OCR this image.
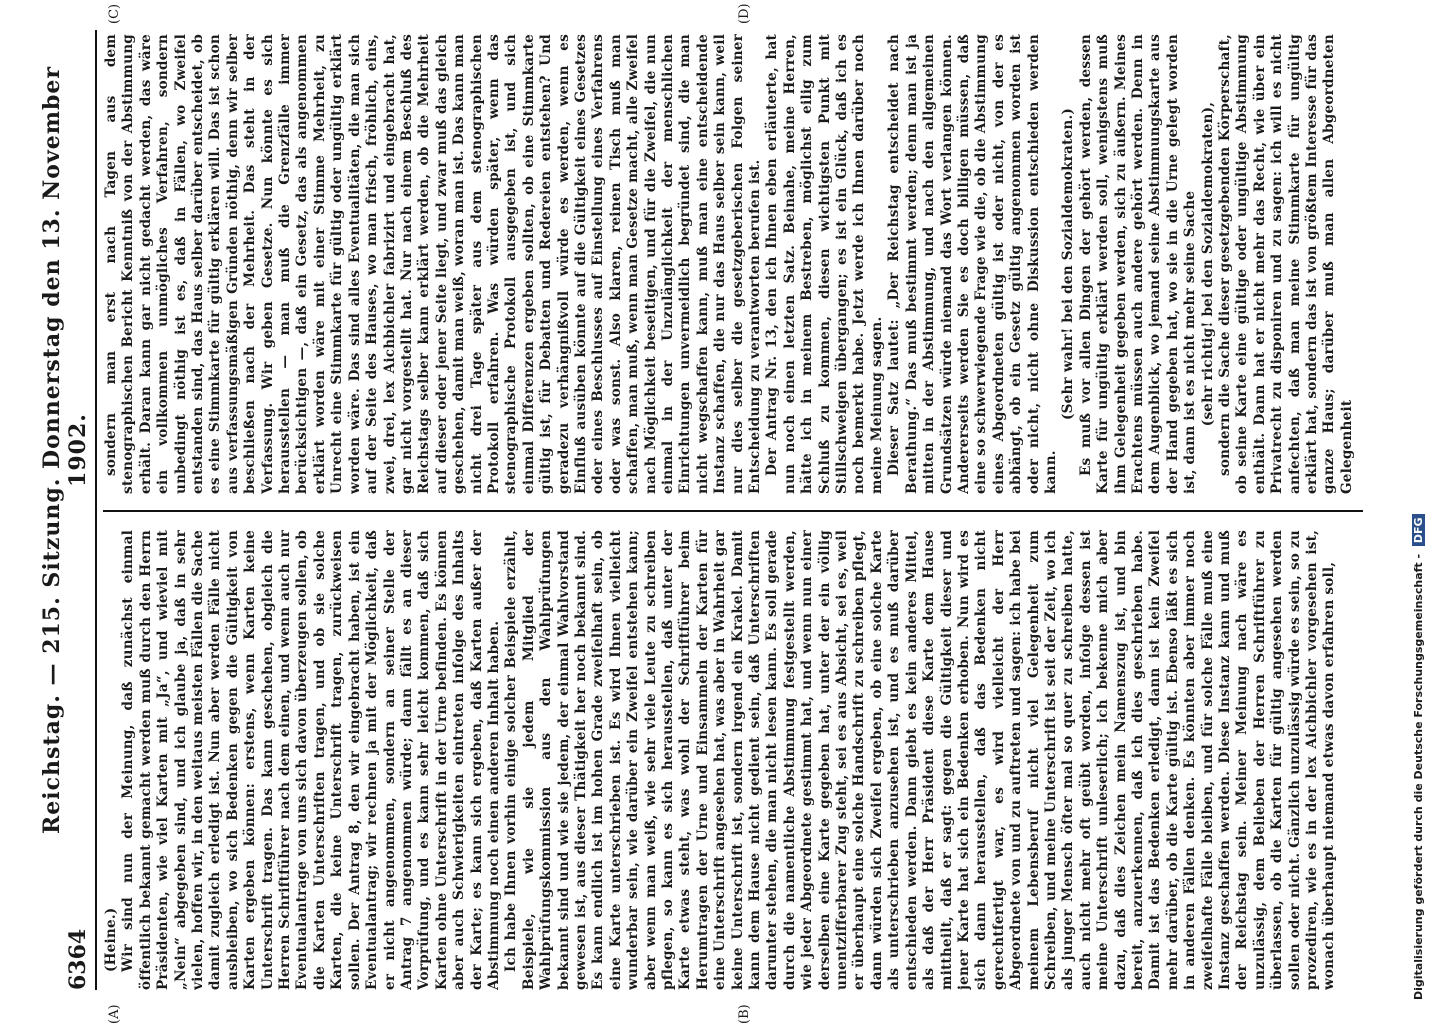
6364
Reichstag. — 215. Sitzung. Donnerstag den 13. November 1902.

(Heine.) Wir sind nun der Meinung, daß zunächst einmal öffentlich bekannt gemacht werden muß durch den Herrn Präsidenten, wie viel Karten mit „Ja“, und wieviel mit „Nein“ abgegeben sind, und ich glaube ja, daß in sehr vielen, hoffen wir, in den weitaus meisten Fällen die Sache damit zugleich erledigt ist. Nun aber werden Fälle nicht ausbleiben, wo sich Bedenken gegen die Gültigkeit von Karten ergeben können: erstens, wenn Karten keine Unterschrift tragen. Das kann geschehen, obgleich die Herren Schriftführer nach dem einen, und wenn auch nur Eventualantrage von uns sich davon überzeugen sollen, ob die Karten Unterschriften tragen, und ob sie solche Karten, die keine Unterschrift tragen, zurückweisen sollen. Der Antrag 8, den wir eingebracht haben, ist ein Eventualantrag; wir rechnen ja mit der Möglichkeit, daß er nicht angenommen, sondern an seiner Stelle der Antrag 7 angenommen würde; dann fällt es an dieser Vorprüfung, und es kann sehr leicht kommen, daß sich Karten ohne Unterschrift in der Urne befinden. Es können aber auch Schwierigkeiten eintreten infolge des Inhalts der Karte; es kann sich ergeben, daß Karten außer der Abstimmung noch einen anderen Inhalt haben. Ich habe Ihnen vorhin einige solcher Beispiele erzählt, Beispiele, wie sie jedem Mitglied der Wahlprüfungskommission aus den Wahlprüfungen bekannt sind und wie sie jedem, der einmal Wahlvorstand gewesen ist, aus dieser Thätigkeit her noch bekannt sind. Es kann endlich ist im hohen Grade zweifelhaft sein, ob eine Karte unterschrieben ist. Es wird Ihnen vielleicht wunderbar sein, wie darüber ein Zweifel entstehen kann; aber wenn man weiß, wie sehr viele Leute zu schreiben pflegen, so kann es sich herausstellen, daß unter der Karte etwas steht, was wohl der Schriftführer beim Herumtragen der Urne und Einsammeln der Karten für eine Unterschrift angesehen hat, was aber in Wahrheit gar keine Unterschrift ist, sondern irgend ein Krakel. Damit kann dem Hause nicht gedient sein, daß Unterschriften darunter stehen, die man nicht lesen kann. Es soll gerade durch die namentliche Abstimmung festgestellt werden, wie jeder Abgeordnete gestimmt hat, und wenn nun einer derselben eine Karte gegeben hat, unter der ein völlig unentzifferbarer Zug steht, sei es aus Absicht, sei es, weil er überhaupt eine solche Handschrift zu schreiben pflegt, dann würden sich Zweifel ergeben, ob eine solche Karte als unterschrieben anzusehen ist, und es muß darüber entschieden werden. Dann giebt es kein anderes Mittel, als daß der Herr Präsident diese Karte dem Hause mittheilt, daß er sagt: gegen die Gültigkeit dieser und jener Karte hat sich ein Bedenken erhoben. Nun wird es sich dann herausstellen, daß das Bedenken nicht gerechtfertigt war, es wird vielleicht der Herr Abgeordnete von und zu auftreten und sagen: ich habe bei meinem Lebensberuf nicht viel Gelegenheit zum Schreiben, und meine Unterschrift ist seit der Zeit, wo ich als junger Mensch öfter mal so quer zu schreiben hatte, auch nicht mehr oft geübt worden, infolge dessen ist meine Unterschrift unleserlich; ich bekenne mich aber dazu, daß dies Zeichen mein Namenszug ist, und bin bereit, anzuerkennen, daß ich dies geschrieben habe. Damit ist das Bedenken erledigt, dann ist kein Zweifel mehr darüber, ob die Karte gültig ist. Ebenso läßt es sich in anderen Fällen denken. Es könnten aber immer noch zweifelhafte Fälle bleiben, und für solche Fälle muß eine Instanz geschaffen werden. Diese Instanz kann und muß der Reichstag sein. Meiner Meinung nach wäre es unzulässig, dem Belieben der Herren Schriftführer zu überlassen, ob die Karten für gültig angesehen werden sollen oder nicht. Gänzlich unzulässig würde es sein, so zu prozediren, wie es in der lex Aichbichler vorgesehen ist, wonach überhaupt niemand etwas davon erfahren soll,

sondern man erst nach Tagen aus dem stenographischen Bericht Kenntniß von der Abstimmung erhält. Daran kann gar nicht gedacht werden, das wäre ein vollkommen unmögliches Verfahren, sondern unbedingt nöthig ist es, daß in Fällen, wo Zweifel entstanden sind, das Haus selber darüber entscheidet, ob es eine Stimmkarte für gültig erklären will. Das ist schon aus verfassungsmäßigen Gründen nöthig, denn wir selber beschließen nach der Mehrheit. Das steht in der Verfassung. Wir geben Gesetze. Nun könnte es sich herausstellen — man muß die Grenzfälle immer berücksichtigen —, daß ein Gesetz, das als angenommen erklärt worden wäre mit einer Stimme Mehrheit, zu Unrecht eine Stimmkarte für gültig oder ungültig erklärt worden wäre. Das sind alles Eventualitäten, die man sich auf der Seite des Hauses, wo man frisch, fröhlich, eins, zwei, drei, lex Aichbichler fabrizirt und eingebracht hat, gar nicht vorgestellt hat. Nur nach einem Beschluß des Reichstags selber kann erklärt werden, ob die Mehrheit auf dieser oder jener Seite liegt, und zwar muß das gleich geschehen, damit man weiß, woran man ist. Das kann man nicht drei Tage später aus dem stenographischen Protokoll erfahren. Was würden später, wenn das stenographische Protokoll ausgegeben ist, und sich einmal Differenzen ergeben sollten, ob eine Stimmkarte gültig ist, für Debatten und Redereien entstehen? Und geradezu verhängnißvoll würde es werden, wenn es Einfluß ausüben könnte auf die Gültigkeit eines Gesetzes oder eines Beschlusses auf Einstellung eines Verfahrens oder was sonst. Also klaren, reinen Tisch muß man schaffen, man muß, wenn man Gesetze macht, alle Zweifel nach Möglichkeit beseitigen, und für die Zweifel, die nun einmal in der Unzulänglichkeit der menschlichen Einrichtungen unvermeidlich begründet sind, die man nicht wegschaffen kann, muß man eine entscheidende Instanz schaffen, die nur das Haus selber sein kann, weil nur dies selber die gesetzgeberischen Folgen seiner Entscheidung zu verantworten berufen ist. Der Antrag Nr. 13, den ich Ihnen eben erläuterte, hat nun noch einen letzten Satz. Beinahe, meine Herren, hätte ich in meinem Bestreben, möglichst eilig zum Schluß zu kommen, diesen wichtigsten Punkt mit Stillschweigen übergangen; es ist ein Glück, daß ich es noch bemerkt habe. Jetzt werde ich Ihnen darüber noch meine Meinung sagen. Dieser Satz lautet: „Der Reichstag entscheidet nach Berathung.“ Das muß bestimmt werden; denn man ist ja mitten in der Abstimmung, und nach den allgemeinen Grundsätzen würde niemand das Wort verlangen können. Andererseits werden Sie es doch billigen müssen, daß eine so schwerwiegende Frage wie die, ob die Abstimmung eines Abgeordneten gültig ist oder nicht, von der es abhängt, ob ein Gesetz gültig angenommen worden ist oder nicht, nicht ohne Diskussion entschieden werden kann.

(Sehr wahr! bei den Sozialdemokraten.) Es muß vor allen Dingen der gehört werden, dessen Karte für ungültig erklärt werden soll, wenigstens muß ihm Gelegenheit gegeben werden, sich zu äußern. Meines Erachtens müssen auch andere gehört werden. Denn in dem Augenblick, wo jemand seine Abstimmungskarte aus der Hand gegeben hat, wo sie in die Urne gelegt worden ist, dann ist es nicht mehr seine Sache (sehr richtig! bei den Sozialdemokraten), sondern die Sache dieser gesetzgebenden Körperschaft, ob seine Karte eine gültige oder ungültige Abstimmung enthält. Dann hat er nicht mehr das Recht, wie über ein Privatrecht zu disponiren und zu sagen: ich will es nicht anfechten, daß man meine Stimmkarte für ungültig erklärt hat, sondern das ist von größtem Interesse für das ganze Haus; darüber muß man allen Abgeordneten Gelegenheit

(A)	(B)
(C)	(D)
Digitalisierung gefördert durch die Deutsche Forschungsgemeinschaft - DFG
